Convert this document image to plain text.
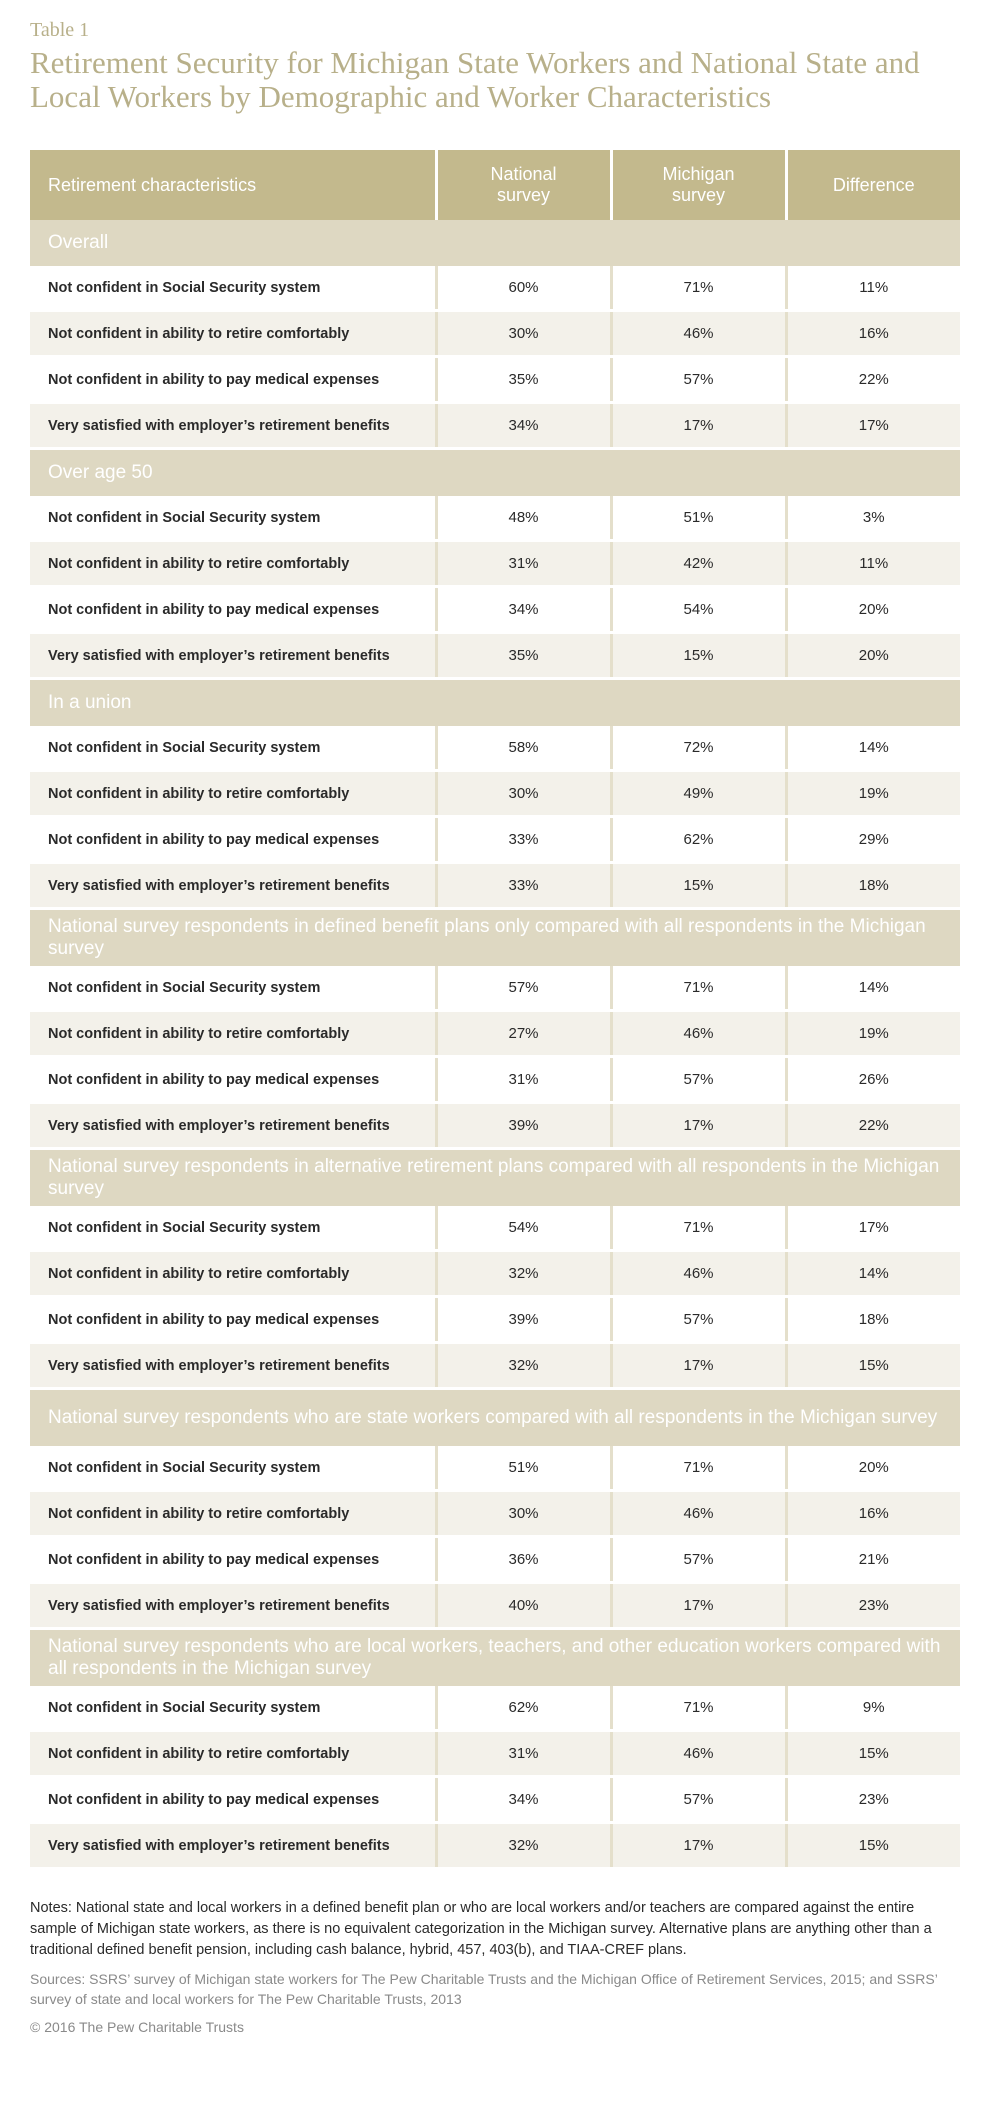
Table 1
Retirement Security for Michigan State Workers and National State and Local Workers by Demographic and Worker Characteristics
Retirement characteristics	National survey	Michigan survey	Difference
Overall			
Not confident in Social Security system	60%	71%	11%
Not confident in ability to retire comfortably	30%	46%	16%
Not confident in ability to pay medical expenses	35%	57%	22%
Very satisfied with employer’s retirement benefits	34%	17%	17%
Over age 50			
Not confident in Social Security system	48%	51%	3%
Not confident in ability to retire comfortably	31%	42%	11%
Not confident in ability to pay medical expenses	34%	54%	20%
Very satisfied with employer’s retirement benefits	35%	15%	20%
In a union			
Not confident in Social Security system	58%	72%	14%
Not confident in ability to retire comfortably	30%	49%	19%
Not confident in ability to pay medical expenses	33%	62%	29%
Very satisfied with employer’s retirement benefits	33%	15%	18%
National survey respondents in defined benefit plans only compared with all respondents in the Michigan survey			
Not confident in Social Security system	57%	71%	14%
Not confident in ability to retire comfortably	27%	46%	19%
Not confident in ability to pay medical expenses	31%	57%	26%
Very satisfied with employer’s retirement benefits	39%	17%	22%
National survey respondents in alternative retirement plans compared with all respondents in the Michigan survey			
Not confident in Social Security system	54%	71%	17%
Not confident in ability to retire comfortably	32%	46%	14%
Not confident in ability to pay medical expenses	39%	57%	18%
Very satisfied with employer’s retirement benefits	32%	17%	15%
National survey respondents who are state workers compared with all respondents in the Michigan survey			
Not confident in Social Security system	51%	71%	20%
Not confident in ability to retire comfortably	30%	46%	16%
Not confident in ability to pay medical expenses	36%	57%	21%
Very satisfied with employer’s retirement benefits	40%	17%	23%
National survey respondents who are local workers, teachers, and other education workers compared with all respondents in the Michigan survey			
Not confident in Social Security system	62%	71%	9%
Not confident in ability to retire comfortably	31%	46%	15%
Not confident in ability to pay medical expenses	34%	57%	23%
Very satisfied with employer’s retirement benefits	32%	17%	15%
Notes: National state and local workers in a defined benefit plan or who are local workers and/or teachers are compared against the entire sample of Michigan state workers, as there is no equivalent categorization in the Michigan survey. Alternative plans are anything other than a traditional defined benefit pension, including cash balance, hybrid, 457, 403(b), and TIAA-CREF plans.
Sources: SSRS’ survey of Michigan state workers for The Pew Charitable Trusts and the Michigan Office of Retirement Services, 2015; and SSRS’ survey of state and local workers for The Pew Charitable Trusts, 2013
© 2016 The Pew Charitable Trusts
